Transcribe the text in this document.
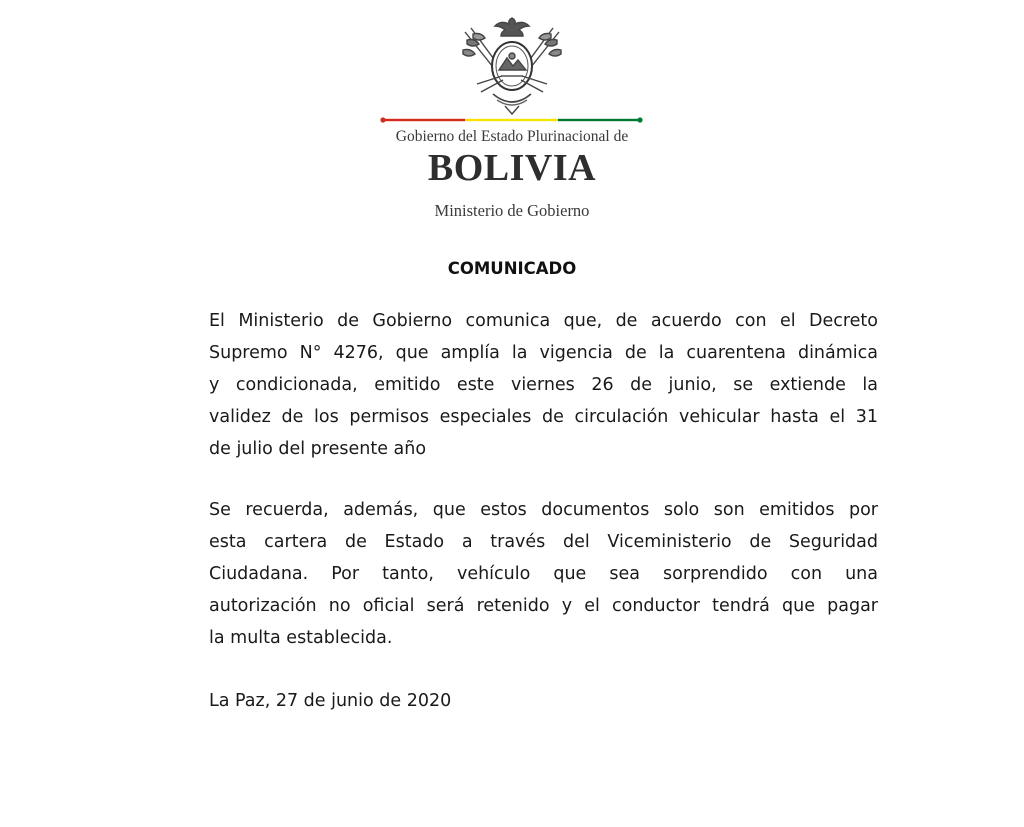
Gobierno del Estado Plurinacional de
BOLIVIA
Ministerio de Gobierno
COMUNICADO
El Ministerio de Gobierno comunica que, de acuerdo con el Decreto
Supremo N° 4276, que amplía la vigencia de la cuarentena dinámica
y condicionada, emitido este viernes 26 de junio, se extiende la
validez de los permisos especiales de circulación vehicular hasta el 31
de julio del presente año
Se recuerda, además, que estos documentos solo son emitidos por
esta cartera de Estado a través del Viceministerio de Seguridad
Ciudadana. Por tanto, vehículo que sea sorprendido con una
autorización no oficial será retenido y el conductor tendrá que pagar
la multa establecida.
La Paz, 27 de junio de 2020
